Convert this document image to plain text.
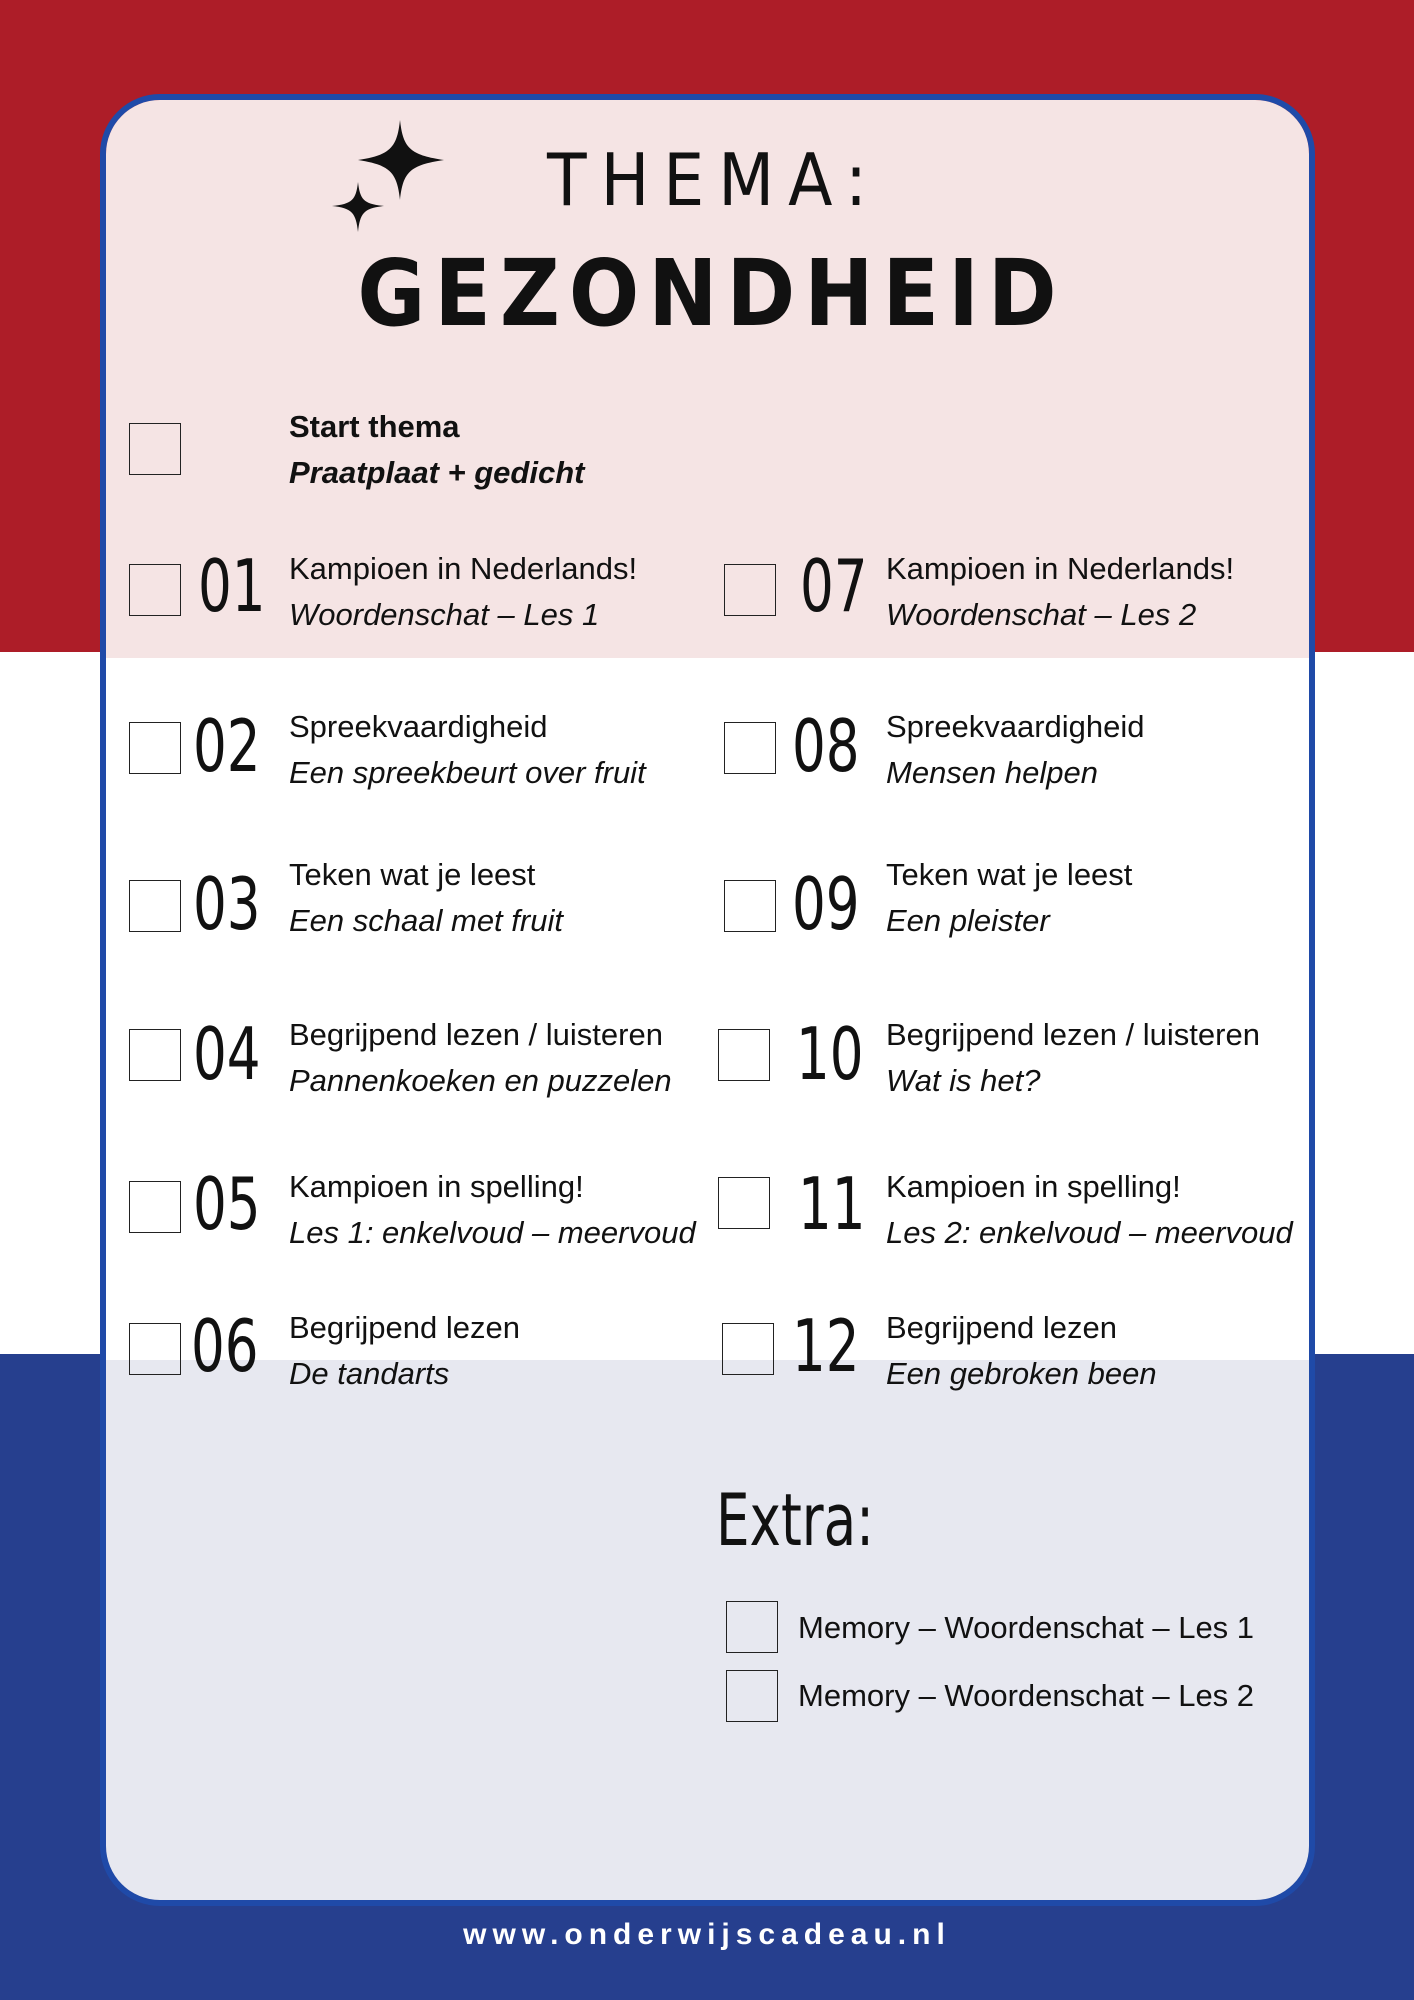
THEMA:
GEZONDHEID
Start thema
Praatplaat + gedicht
01 Kampioen in Nederlands!
Woordenschat – Les 1
02 Spreekvaardigheid
Een spreekbeurt over fruit
03 Teken wat je leest
Een schaal met fruit
04 Begrijpend lezen / luisteren
Pannenkoeken en puzzelen
05 Kampioen in spelling!
Les 1: enkelvoud – meervoud
06 Begrijpend lezen
De tandarts
07 Kampioen in Nederlands!
Woordenschat – Les 2
08 Spreekvaardigheid
Mensen helpen
09 Teken wat je leest
Een pleister
10 Begrijpend lezen / luisteren
Wat is het?
11 Kampioen in spelling!
Les 2: enkelvoud – meervoud
12 Begrijpend lezen
Een gebroken been
Extra:
Memory – Woordenschat – Les 1
Memory – Woordenschat – Les 2
www.onderwijscadeau.nl
